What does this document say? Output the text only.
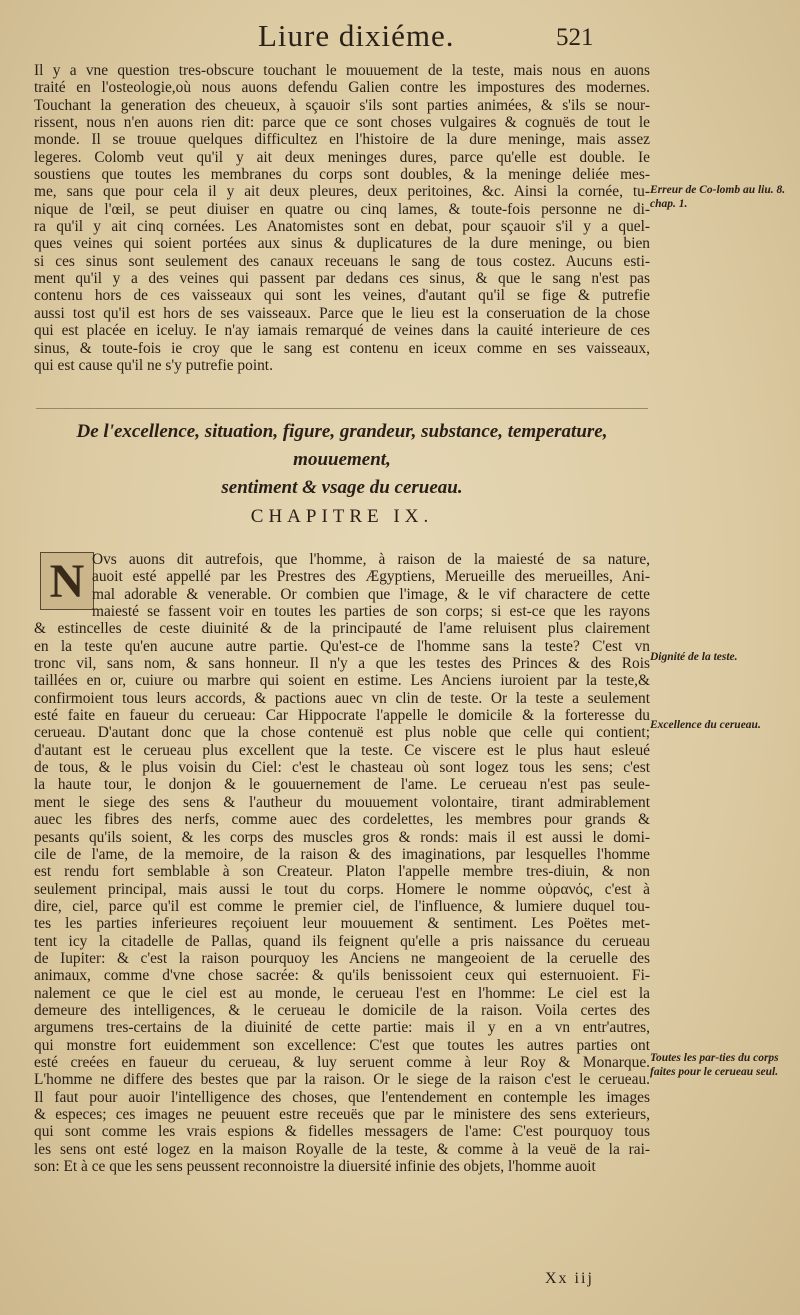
Liure dixiéme.	521
Il y a vne question tres-obscure touchant le mouuement de la teste, mais nous en auons
traité en l'osteologie,où nous auons defendu Galien contre les impostures des modernes.
Touchant la generation des cheueux, à sçauoir s'ils sont parties animées, & s'ils se nour-
rissent, nous n'en auons rien dit: parce que ce sont choses vulgaires & cognuës de tout le
monde. Il se trouue quelques difficultez en l'histoire de la dure meninge, mais assez
legeres. Colomb veut qu'il y ait deux meninges dures, parce qu'elle est double. Ie
soustiens que toutes les membranes du corps sont doubles, & la meninge deliée mes-
me, sans que pour cela il y ait deux pleures, deux peritoines, &c. Ainsi la cornée, tu-
nique de l'œil, se peut diuiser en quatre ou cinq lames, & toute-fois personne ne di-
ra qu'il y ait cinq cornées. Les Anatomistes sont en debat, pour sçauoir s'il y a quel-
ques veines qui soient portées aux sinus & duplicatures de la dure meninge, ou bien
si ces sinus sont seulement des canaux receuans le sang de tous costez. Aucuns esti-
ment qu'il y a des veines qui passent par dedans ces sinus, & que le sang n'est pas
contenu hors de ces vaisseaux qui sont les veines, d'autant qu'il se fige & putrefie
aussi tost qu'il est hors de ses vaisseaux. Parce que le lieu est la conseruation de la chose
qui est placée en iceluy. Ie n'ay iamais remarqué de veines dans la cauité interieure de ces
sinus, & toute-fois ie croy que le sang est contenu en iceux comme en ses vaisseaux,
qui est cause qu'il ne s'y putrefie point.
De l'excellence, situation, figure, grandeur, substance, temperature, mouuement,
sentiment & vsage du cerueau.
CHAPITRE IX.
N Ovs auons dit autrefois, que l'homme, à raison de la maiesté de sa nature,
auoit esté appellé par les Prestres des Ægyptiens, Merueille des merueilles, Ani-
mal adorable & venerable. Or combien que l'image, & le vif charactere de cette
maiesté se fassent voir en toutes les parties de son corps; si est-ce que les rayons
& estincelles de ceste diuinité & de la principauté de l'ame reluisent plus clairement
en la teste qu'en aucune autre partie. Qu'est-ce de l'homme sans la teste? C'est vn
tronc vil, sans nom, & sans honneur. Il n'y a que les testes des Princes & des Rois
taillées en or, cuiure ou marbre qui soient en estime. Les Anciens iuroient par la teste,&
confirmoient tous leurs accords, & pactions auec vn clin de teste. Or la teste a seulement
esté faite en faueur du cerueau: Car Hippocrate l'appelle le domicile & la forteresse du
cerueau. D'autant donc que la chose contenuë est plus noble que celle qui contient;
d'autant est le cerueau plus excellent que la teste. Ce viscere est le plus haut esleué
de tous, & le plus voisin du Ciel: c'est le chasteau où sont logez tous les sens; c'est
la haute tour, le donjon & le gouuernement de l'ame. Le cerueau n'est pas seule-
ment le siege des sens & l'autheur du mouuement volontaire, tirant admirablement
auec les fibres des nerfs, comme auec des cordelettes, les membres pour grands &
pesants qu'ils soient, & les corps des muscles gros & ronds: mais il est aussi le domi-
cile de l'ame, de la memoire, de la raison & des imaginations, par lesquelles l'homme
est rendu fort semblable à son Createur. Platon l'appelle membre tres-diuin, & non
seulement principal, mais aussi le tout du corps. Homere le nomme οὐρανός, c'est à
dire, ciel, parce qu'il est comme le premier ciel, de l'influence, & lumiere duquel tou-
tes les parties inferieures reçoiuent leur mouuement & sentiment. Les Poëtes met-
tent icy la citadelle de Pallas, quand ils feignent qu'elle a pris naissance du cerueau
de Iupiter: & c'est la raison pourquoy les Anciens ne mangeoient de la ceruelle des
animaux, comme d'vne chose sacrée: & qu'ils benissoient ceux qui esternuoient. Fi-
nalement ce que le ciel est au monde, le cerueau l'est en l'homme: Le ciel est la
demeure des intelligences, & le cerueau le domicile de la raison. Voila certes des
argumens tres-certains de la diuinité de cette partie: mais il y en a vn entr'autres,
qui monstre fort euidemment son excellence: C'est que toutes les autres parties ont
esté creées en faueur du cerueau, & luy seruent comme à leur Roy & Monarque.
L'homme ne differe des bestes que par la raison. Or le siege de la raison c'est le cerueau.
Il faut pour auoir l'intelligence des choses, que l'entendement en contemple les images
& especes; ces images ne peuuent estre receuës que par le ministere des sens exterieurs,
qui sont comme les vrais espions & fidelles messagers de l'ame: C'est pourquoy tous
les sens ont esté logez en la maison Royalle de la teste, & comme à la veuë de la rai-
son: Et à ce que les sens peussent reconnoistre la diuersité infinie des objets, l'homme auoit
Erreur de Co-lomb au liu. 8. chap. 1.
Dignité de la teste.
Excellence du cerueau.
Toutes les par-ties du corps faites pour le cerueau seul.
Xx iij
